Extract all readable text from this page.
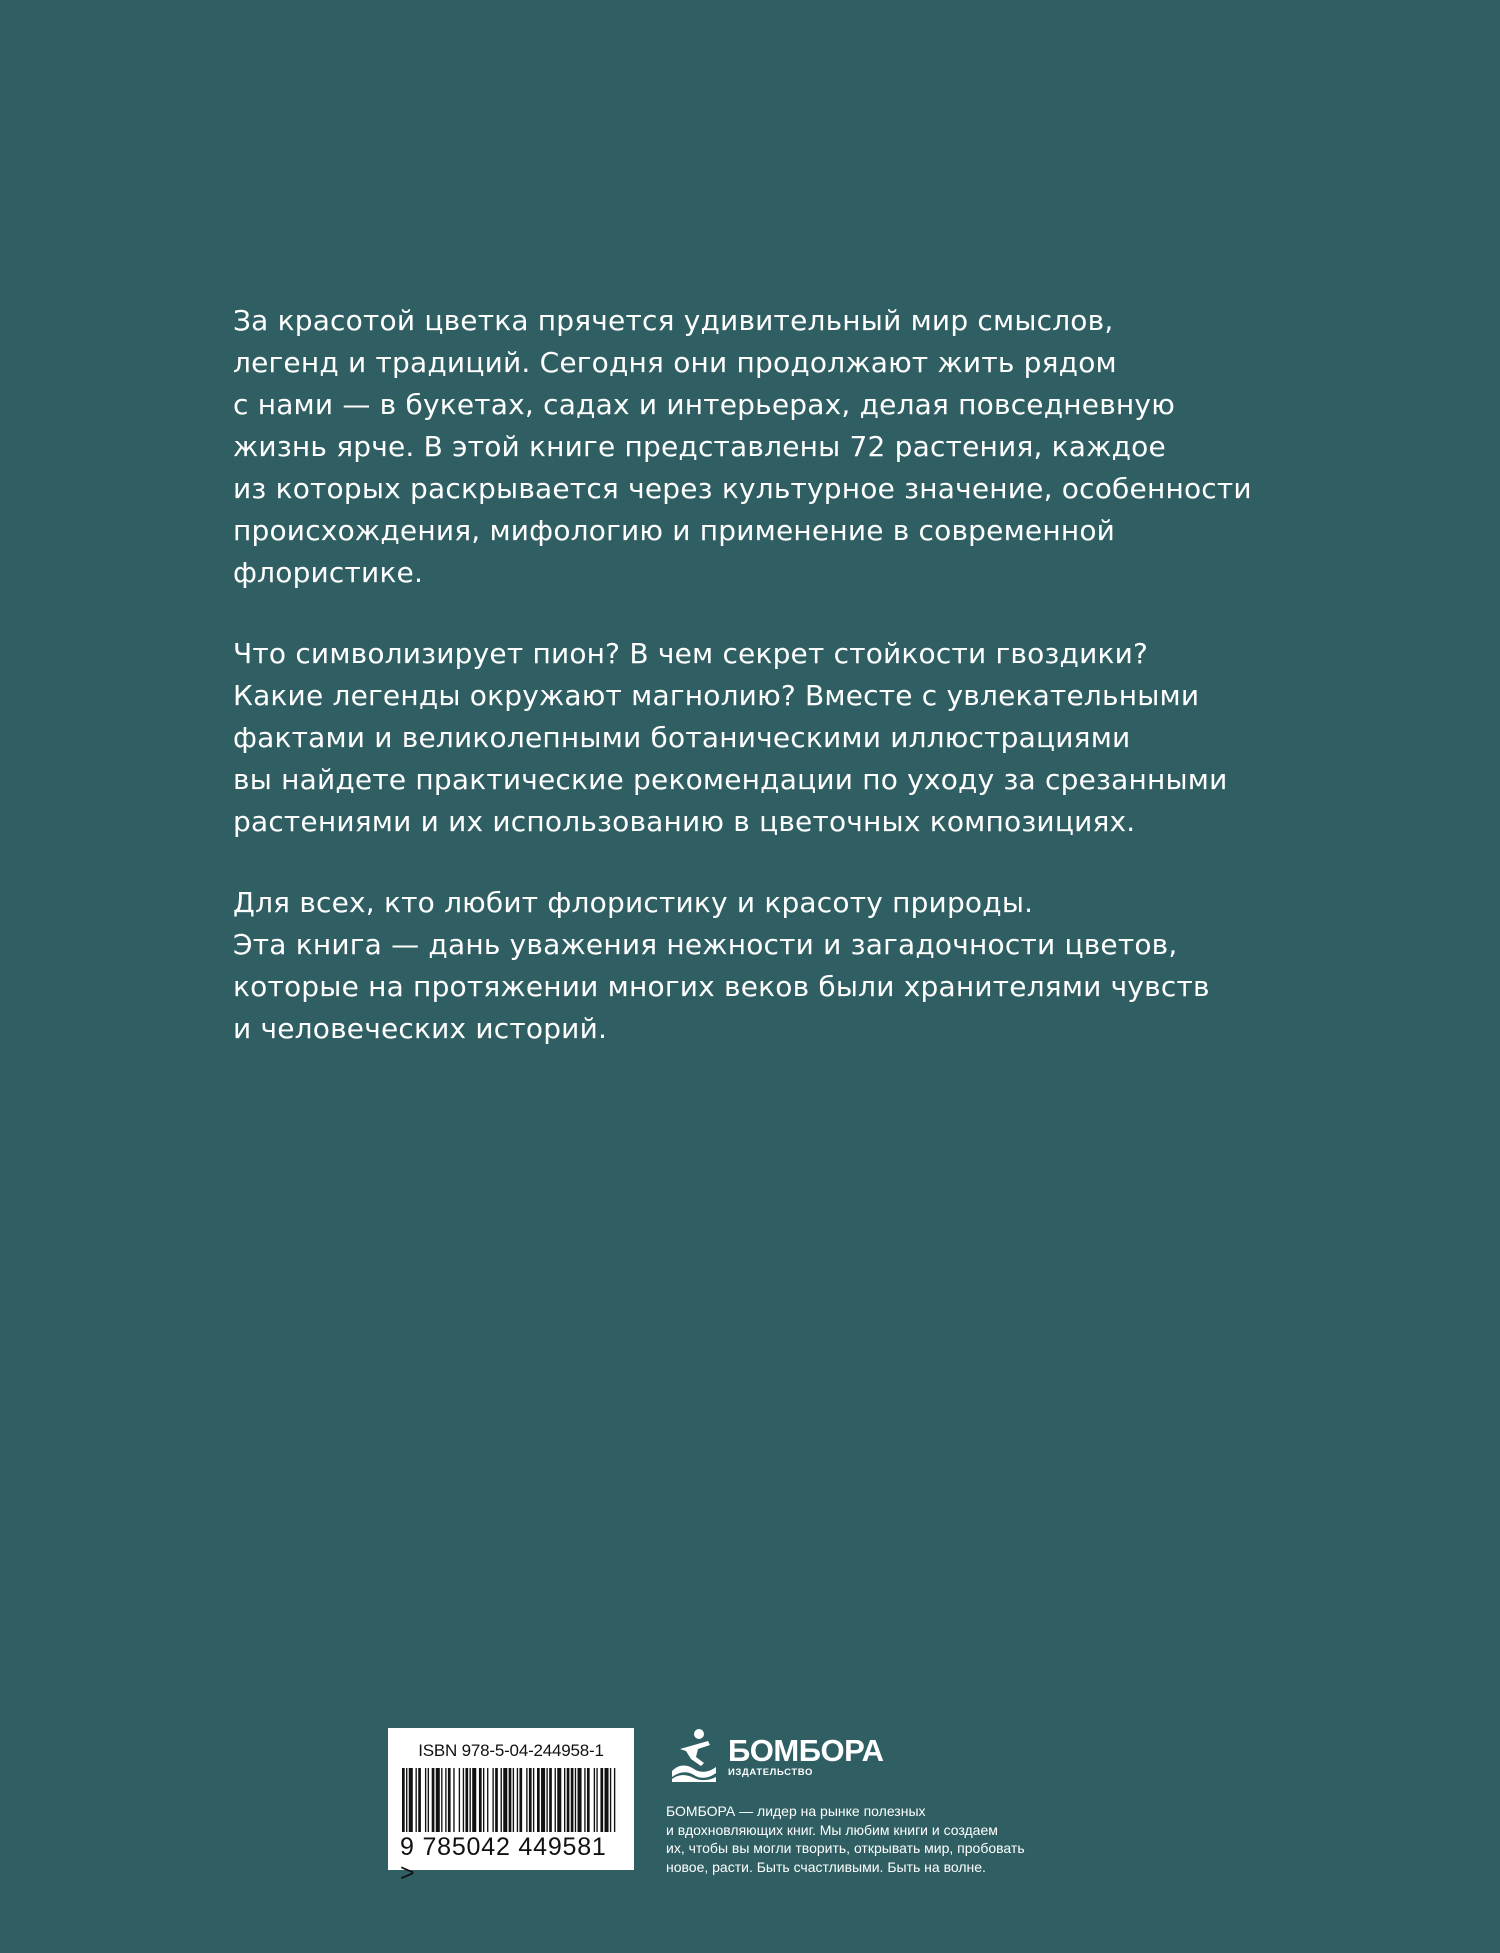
За красотой цветка прячется удивительный мир смыслов,
легенд и традиций. Сегодня они продолжают жить рядом
с нами — в букетах, садах и интерьерах, делая повседневную
жизнь ярче. В этой книге представлены 72 растения, каждое
из которых раскрывается через культурное значение, особенности
происхождения, мифологию и применение в современной
флористике.

Что символизирует пион? В чем секрет стойкости гвоздики?
Какие легенды окружают магнолию? Вместе с увлекательными
фактами и великолепными ботаническими иллюстрациями
вы найдете практические рекомендации по уходу за срезанными
растениями и их использованию в цветочных композициях.

Для всех, кто любит флористику и красоту природы.
Эта книга — дань уважения нежности и загадочности цветов,
которые на протяжении многих веков были хранителями чувств
и человеческих историй.

ISBN 978-5-04-244958-1
9 785042 449581 >
БОМБОРА
ИЗДАТЕЛЬСТВО
БОМБОРА — лидер на рынке полезных
и вдохновляющих книг. Мы любим книги и создаем
их, чтобы вы могли творить, открывать мир, пробовать
новое, расти. Быть счастливыми. Быть на волне.
